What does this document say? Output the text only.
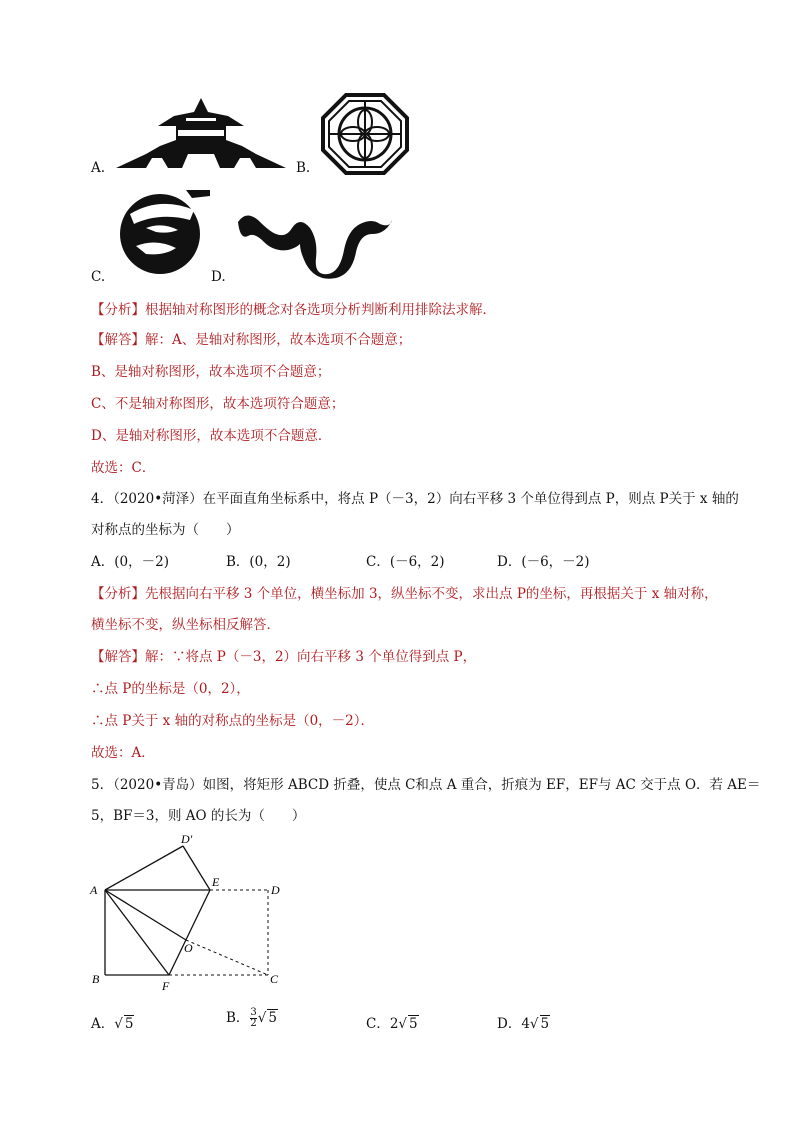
A.	B.
C.	D.
【分析】根据轴对称图形的概念对各选项分析判断利用排除法求解．
【解答】解：A、是轴对称图形，故本选项不合题意；
B、是轴对称图形，故本选项不合题意；
C、不是轴对称图形，故本选项符合题意；
D、是轴对称图形，故本选项不合题意．
故选：C．
4．（2020•菏泽）在平面直角坐标系中，将点 P（－3，2）向右平移 3 个单位得到点 P，则点 P关于 x 轴的
对称点的坐标为（　　）
A．(0，－2)	B．(0，2)	C．(－6，2)	D．(－6，－2)
【分析】先根据向右平移 3 个单位，横坐标加 3，纵坐标不变，求出点 P的坐标，再根据关于 x 轴对称，
横坐标不变，纵坐标相反解答．
【解答】解：∵将点 P（－3，2）向右平移 3 个单位得到点 P，
∴点 P的坐标是（0，2），
∴点 P关于 x 轴的对称点的坐标是（0，－2）．
故选：A．
5．（2020•青岛）如图，将矩形 ABCD 折叠，使点 C和点 A 重合，折痕为 EF，EF与 AC 交于点 O．若 AE＝
5，BF＝3，则 AO 的长为（　　）
D′
A
E
D
O
B	F	C
A．√ 5	B． $\frac{3}{2}$ √ 5	C．2√ 5	D．4√ 5
